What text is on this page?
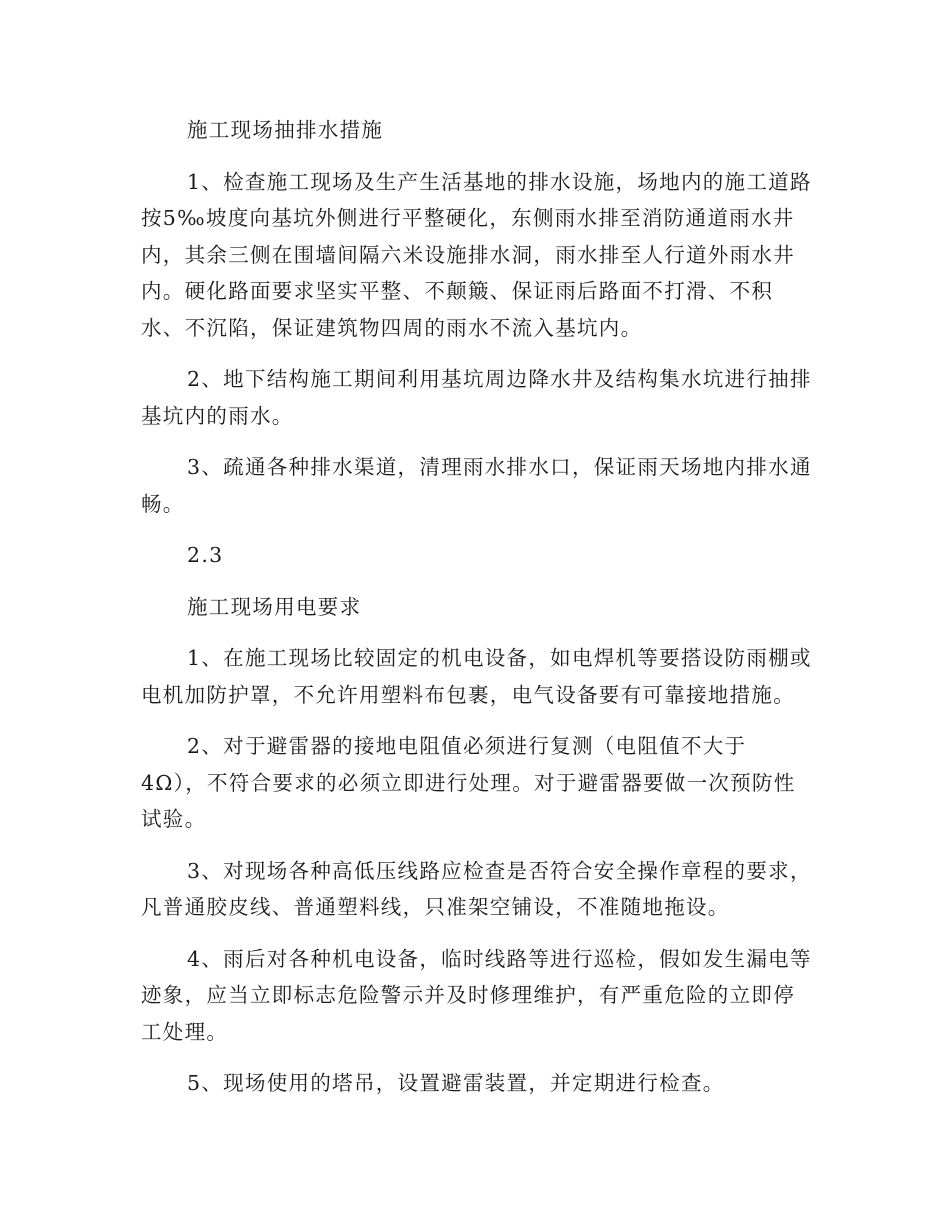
施工现场抽排水措施

1、检查施工现场及生产生活基地的排水设施，场地内的施工道路
按5‰坡度向基坑外侧进行平整硬化，东侧雨水排至消防通道雨水井
内，其余三侧在围墙间隔六米设施排水洞，雨水排至人行道外雨水井
内。硬化路面要求坚实平整、不颠簸、保证雨后路面不打滑、不积
水、不沉陷，保证建筑物四周的雨水不流入基坑内。

2、地下结构施工期间利用基坑周边降水井及结构集水坑进行抽排
基坑内的雨水。

3、疏通各种排水渠道，清理雨水排水口，保证雨天场地内排水通
畅。

2.3

施工现场用电要求

1、在施工现场比较固定的机电设备，如电焊机等要搭设防雨棚或
电机加防护罩，不允许用塑料布包裹，电气设备要有可靠接地措施。

2、对于避雷器的接地电阻值必须进行复测（电阻值不大于
4Ω），不符合要求的必须立即进行处理。对于避雷器要做一次预防性
试验。

3、对现场各种高低压线路应检查是否符合安全操作章程的要求，
凡普通胶皮线、普通塑料线，只准架空铺设，不准随地拖设。

4、雨后对各种机电设备，临时线路等进行巡检，假如发生漏电等
迹象，应当立即标志危险警示并及时修理维护，有严重危险的立即停
工处理。

5、现场使用的塔吊，设置避雷装置，并定期进行检查。
